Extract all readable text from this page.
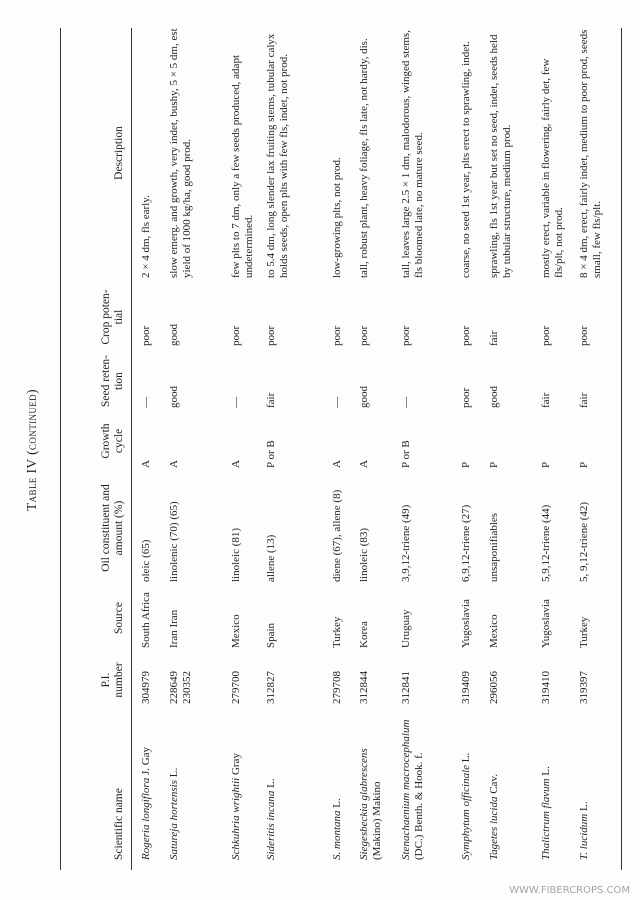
Table IV (continued)
Scientific name
P.I. number
Source
Oil constituent and amount (%)
Growth cycle
Seed reten- tion
Crop poten- tial
Description
Rogeria longiflora J. Gay
304979
South Africa
oleic (65)
A
—
poor
2 × 4 dm, fls early.
Satureja hortensis L.
228649 230352
Iran Iran
linolenic (70) (65)
A
good
good
slow emerg. and growth, very indet, bushy, 5 × 5 dm, est yield of 1000 kg/ha, good prod.
Schkuhria wrightii Gray
279700
Mexico
linoleic (81)
A
—
poor
few plts to 7 dm, only a few seeds produced, adapt undetermined.
Sideritis incana L.
312827
Spain
allene (13)
P or B
fair
poor
to 5.4 dm, long slender lax fruiting stems, tubular calyx holds seeds, open plts with few fls, indet, not prod.
S. montana L.
279708
Turkey
diene (67), allene (8)
A
—
poor
low-growing plts, not prod.
Siegesbeckia glabrescens (Makino) Makino
312844
Korea
linoleic (83)
A
good
poor
tall, robust plant, heavy foliage, fls late, not hardy, dis.
Stenachaenium macrocephalum (DC.) Benth. & Hook. f.
312841
Uruguay
3,9,12-triene (49)
P or B
—
poor
tall, leaves large 2.5 × 1 dm, malodorous, winged stems, fls bloomed late, no mature seed.
Symphytum officinale L.
319409
Yugoslavia
6,9,12-triene (27)
P
poor
poor
coarse, no seed 1st year, plts erect to sprawling, indet.
Tagetes lucida Cav.
296056
Mexico
unsaponifiables
P
good
fair
sprawling, fls 1st year but set no seed, indet, seeds held by tubular structure, medium prod.
Thalictrum flavum L.
319410
Yugoslavia
5,9,12-triene (44)
P
fair
poor
mostly erect, variable in flowering, fairly det, few fls/plt, not prod.
T. lucidum L.
319397
Turkey
5, 9,12-triene (42)
P
fair
poor
8 × 4 dm, erect, fairly indet, medium to poor prod, seeds small, few fls/plt.
WWW.FIBERCROPS.COM
